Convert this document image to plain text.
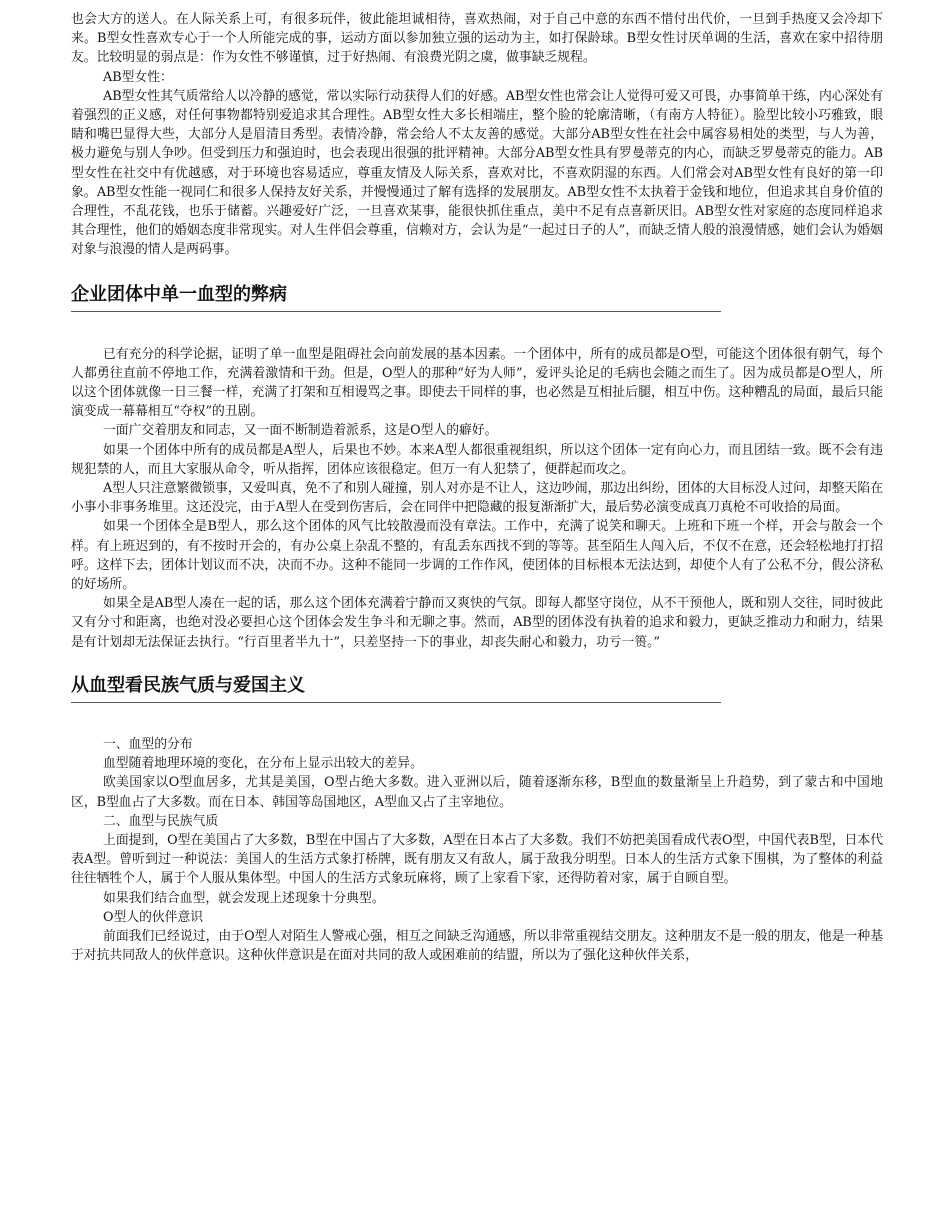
也会大方的送人。在人际关系上可，有很多玩伴，彼此能坦诚相待，喜欢热闹，对于自己中意的东西不惜付出代价，一旦到手热度又会冷却下来。B型女性喜欢专心于一个人所能完成的事，运动方面以参加独立强的运动为主，如打保龄球。B型女性讨厌单调的生活，喜欢在家中招待朋友。比较明显的弱点是：作为女性不够谨慎，过于好热闹、有浪费光阴之虞，做事缺乏规程。

AB型女性：

AB型女性其气质常给人以冷静的感觉，常以实际行动获得人们的好感。AB型女性也常会让人觉得可爱又可畏，办事简单干练，内心深处有着强烈的正义感，对任何事物都特别爱追求其合理性。AB型女性大多长相端庄，整个脸的轮廓清晰，（有南方人特征）。脸型比较小巧雅致，眼睛和嘴巴显得大些，大部分人是眉清目秀型。表情冷静，常会给人不太友善的感觉。大部分AB型女性在社会中属容易相处的类型，与人为善，极力避免与别人争吵。但受到压力和强迫时，也会表现出很强的批评精神。大部分AB型女性具有罗曼蒂克的内心，而缺乏罗曼蒂克的能力。AB型女性在社交中有优越感，对于环境也容易适应，尊重友情及人际关系，喜欢对比，不喜欢阴湿的东西。人们常会对AB型女性有良好的第一印象。AB型女性能一视同仁和很多人保持友好关系，并慢慢通过了解有选择的发展朋友。AB型女性不太执着于金钱和地位，但追求其自身价值的合理性，不乱花钱，也乐于储蓄。兴趣爱好广泛，一旦喜欢某事，能很快抓住重点，美中不足有点喜新厌旧。AB型女性对家庭的态度同样追求其合理性，他们的婚姻态度非常现实。对人生伴侣会尊重，信赖对方，会认为是“一起过日子的人”，而缺乏情人般的浪漫情感，她们会认为婚姻对象与浪漫的情人是两码事。

企业团体中单一血型的弊病

已有充分的科学论据，证明了单一血型是阻碍社会向前发展的基本因素。一个团体中，所有的成员都是O型，可能这个团体很有朝气，每个人都勇往直前不停地工作，充满着激情和干劲。但是，O型人的那种“好为人师”，爱评头论足的毛病也会随之而生了。因为成员都是O型人，所以这个团体就像一日三餐一样，充满了打架和互相谩骂之事。即使去干同样的事，也必然是互相扯后腿，相互中伤。这种糟乱的局面，最后只能演变成一幕幕相互“夺权”的丑剧。

一面广交着朋友和同志，又一面不断制造着派系，这是O型人的癖好。

如果一个团体中所有的成员都是A型人，后果也不妙。本来A型人都很重视组织，所以这个团体一定有向心力，而且团结一致。既不会有违规犯禁的人，而且大家服从命令，听从指挥，团体应该很稳定。但万一有人犯禁了，便群起而攻之。

A型人只注意繁微锁事，又爱叫真，免不了和别人碰撞，别人对亦是不让人，这边吵闹，那边出纠纷，团体的大目标没人过问，却整天陷在小事小非事务堆里。这还没完，由于A型人在受到伤害后，会在同伴中把隐藏的报复渐渐扩大，最后势必演变成真刀真枪不可收拾的局面。

如果一个团体全是B型人，那么这个团体的风气比较散漫而没有章法。工作中，充满了说笑和聊天。上班和下班一个样，开会与散会一个样。有上班迟到的，有不按时开会的，有办公桌上杂乱不整的，有乱丢东西找不到的等等。甚至陌生人闯入后，不仅不在意，还会轻松地打打招呼。这样下去，团体计划议而不决，决而不办。这种不能同一步调的工作作风，使团体的目标根本无法达到，却使个人有了公私不分，假公济私的好场所。

如果全是AB型人凑在一起的话，那么这个团体充满着宁静而又爽快的气氛。即每人都坚守岗位，从不干预他人，既和别人交往，同时彼此又有分寸和距离，也绝对没必要担心这个团体会发生争斗和无聊之事。然而，AB型的团体没有执着的追求和毅力，更缺乏推动力和耐力，结果是有计划却无法保证去执行。“行百里者半九十”，只差坚持一下的事业，却丧失耐心和毅力，功亏一篑。”

从血型看民族气质与爱国主义

一、血型的分布

血型随着地理环境的变化，在分布上显示出较大的差异。

欧美国家以O型血居多，尤其是美国，O型占绝大多数。进入亚洲以后，随着逐渐东移，B型血的数量渐呈上升趋势，到了蒙古和中国地区，B型血占了大多数。而在日本、韩国等岛国地区，A型血又占了主宰地位。

二、血型与民族气质

上面提到，O型在美国占了大多数，B型在中国占了大多数，A型在日本占了大多数。我们不妨把美国看成代表O型，中国代表B型，日本代表A型。曾听到过一种说法：美国人的生活方式象打桥牌，既有朋友又有敌人，属于敌我分明型。日本人的生活方式象下围棋，为了整体的利益往往牺牲个人，属于个人服从集体型。中国人的生活方式象玩麻将，顾了上家看下家，还得防着对家，属于自顾自型。

如果我们结合血型，就会发现上述现象十分典型。

O型人的伙伴意识

前面我们已经说过，由于O型人对陌生人警戒心强，相互之间缺乏沟通感，所以非常重视结交朋友。这种朋友不是一般的朋友，他是一种基于对抗共同敌人的伙伴意识。这种伙伴意识是在面对共同的敌人或困难前的结盟，所以为了强化这种伙伴关系，
